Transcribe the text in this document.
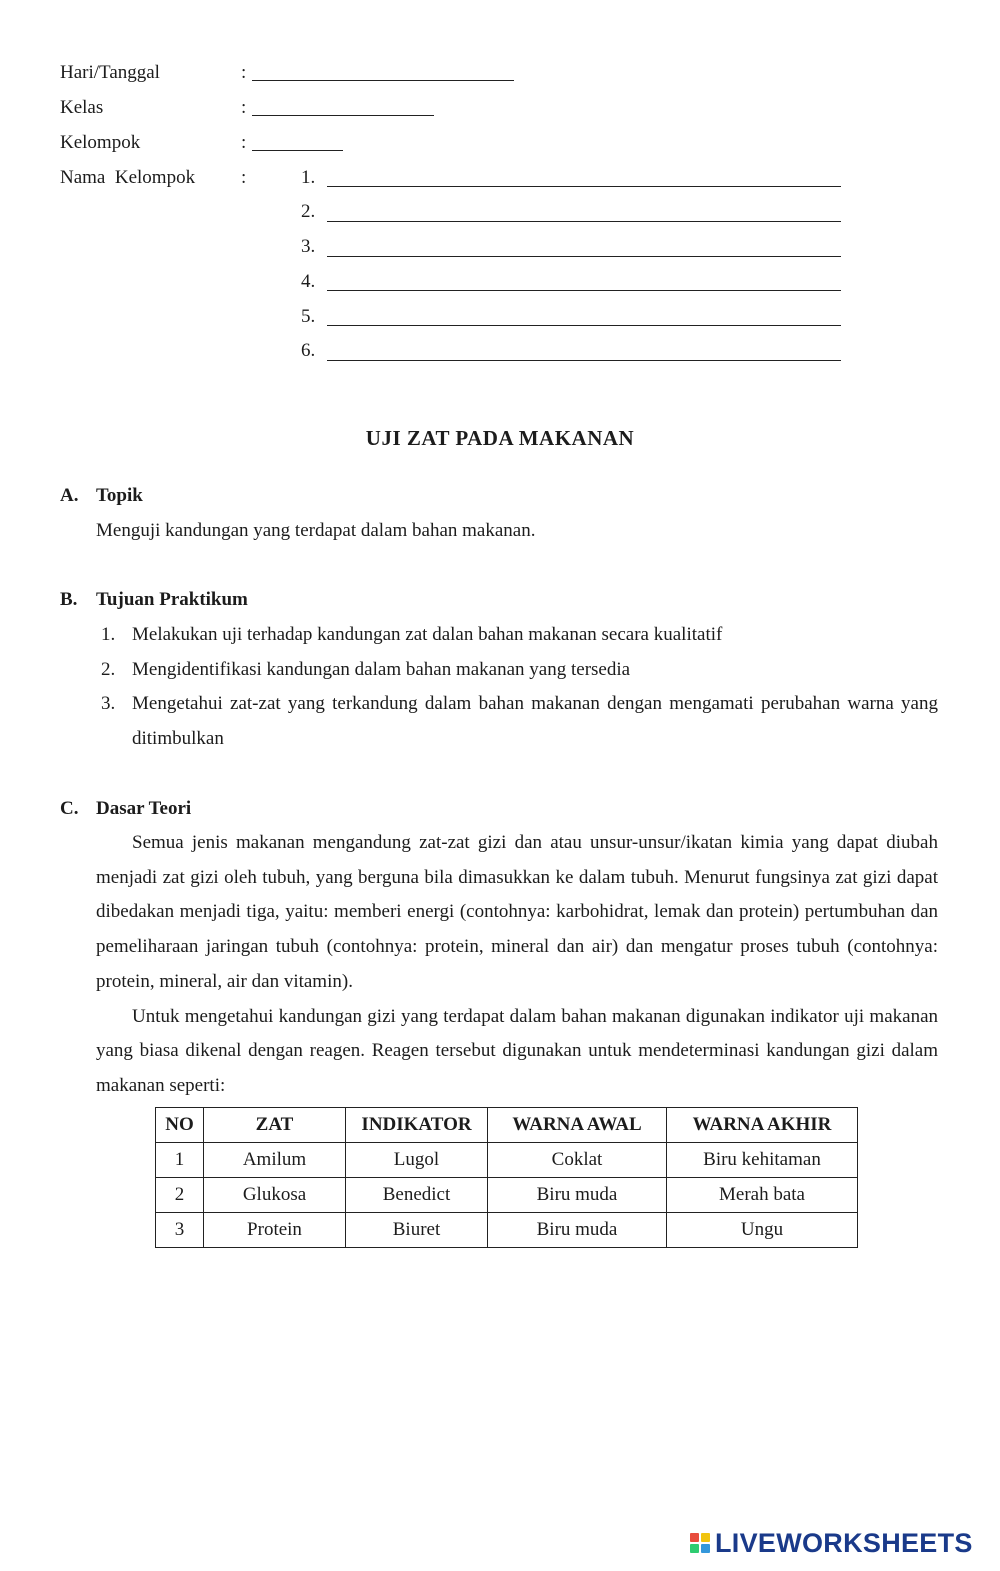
Hari/Tanggal	:
Kelas	:
Kelompok	:
Nama  Kelompok :	1.
2.
3.
4.
5.
6.
UJI ZAT PADA MAKANAN
A. Topik
Menguji kandungan yang terdapat dalam bahan makanan.
B. Tujuan Praktikum
1. Melakukan uji terhadap kandungan zat dalan bahan makanan secara kualitatif
2. Mengidentifikasi kandungan dalam bahan makanan yang tersedia
3. Mengetahui zat-zat yang terkandung dalam bahan makanan dengan mengamati perubahan warna yang ditimbulkan
C. Dasar Teori

Semua jenis makanan mengandung zat-zat gizi dan atau unsur-unsur/ikatan kimia yang dapat diubah menjadi zat gizi oleh tubuh, yang berguna bila dimasukkan ke dalam tubuh. Menurut fungsinya zat gizi dapat dibedakan menjadi tiga, yaitu: memberi energi (contohnya: karbohidrat, lemak dan protein) pertumbuhan dan pemeliharaan jaringan tubuh (contohnya: protein, mineral dan air) dan mengatur proses tubuh (contohnya: protein, mineral, air dan vitamin).

Untuk mengetahui kandungan gizi yang terdapat dalam bahan makanan digunakan indikator uji makanan yang biasa dikenal dengan reagen. Reagen tersebut digunakan untuk mendeterminasi kandungan gizi dalam makanan seperti:

NO	ZAT	INDIKATOR	WARNA AWAL	WARNA AKHIR
1	Amilum	Lugol	Coklat	Biru kehitaman
2	Glukosa	Benedict	Biru muda	Merah bata
3	Protein	Biuret	Biru muda	Ungu
LIVEWORKSHEETS
